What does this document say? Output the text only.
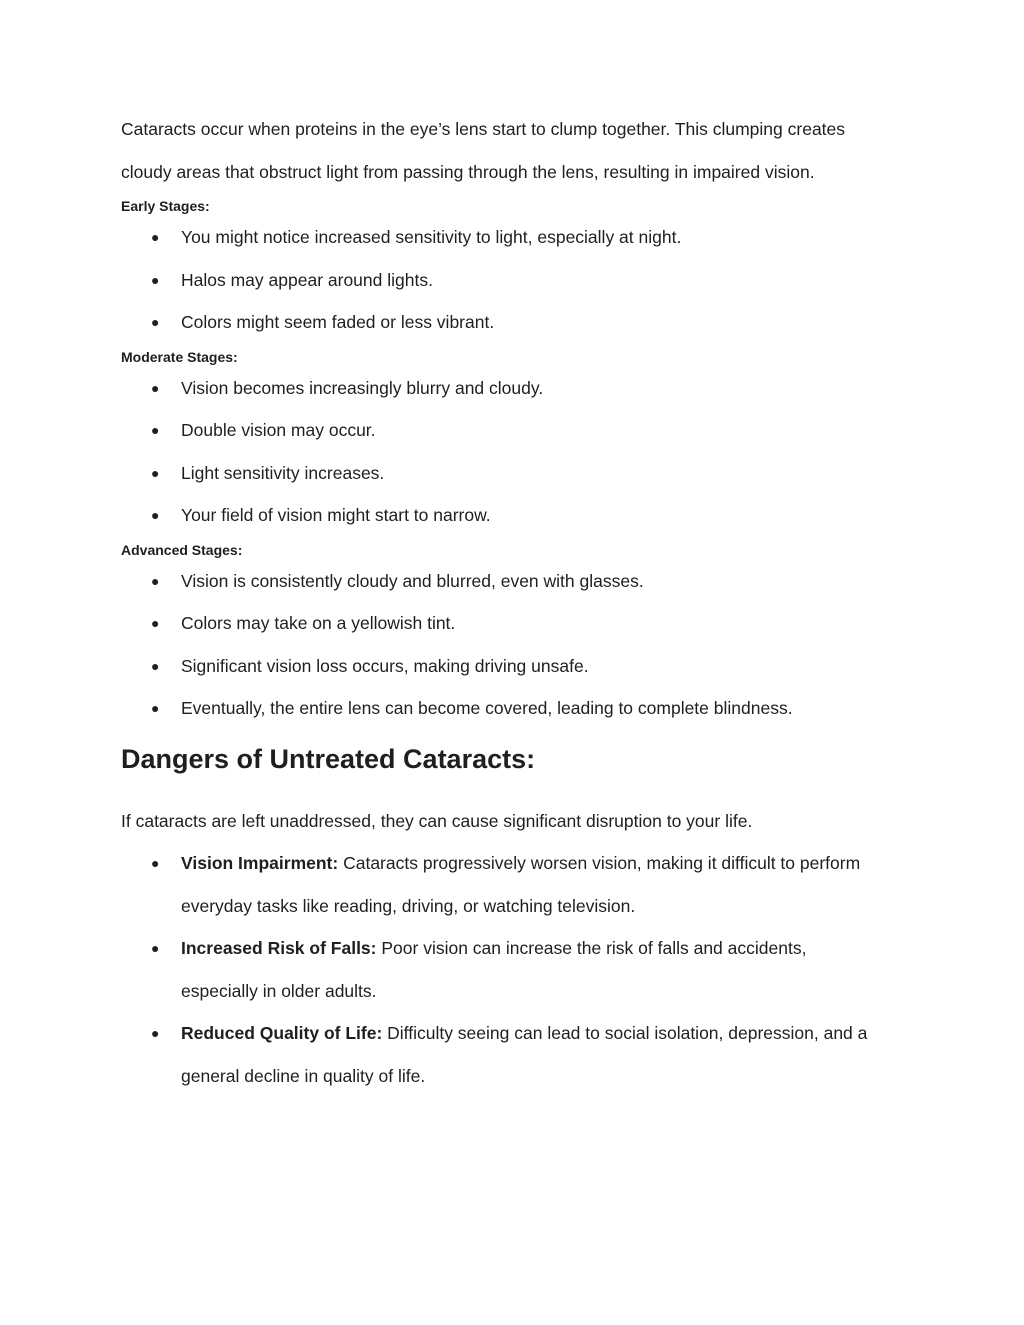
Cataracts occur when proteins in the eye’s lens start to clump together. This clumping creates
cloudy areas that obstruct light from passing through the lens, resulting in impaired vision.

Early Stages:
● You might notice increased sensitivity to light, especially at night.
● Halos may appear around lights.
● Colors might seem faded or less vibrant.
Moderate Stages:
● Vision becomes increasingly blurry and cloudy.
● Double vision may occur.
● Light sensitivity increases.
● Your field of vision might start to narrow.
Advanced Stages:
● Vision is consistently cloudy and blurred, even with glasses.
● Colors may take on a yellowish tint.
● Significant vision loss occurs, making driving unsafe.
● Eventually, the entire lens can become covered, leading to complete blindness.
Dangers of Untreated Cataracts:

If cataracts are left unaddressed, they can cause significant disruption to your life.

● Vision Impairment: Cataracts progressively worsen vision, making it difficult to perform
everyday tasks like reading, driving, or watching television.
● Increased Risk of Falls: Poor vision can increase the risk of falls and accidents,
especially in older adults.
● Reduced Quality of Life: Difficulty seeing can lead to social isolation, depression, and a
general decline in quality of life.
